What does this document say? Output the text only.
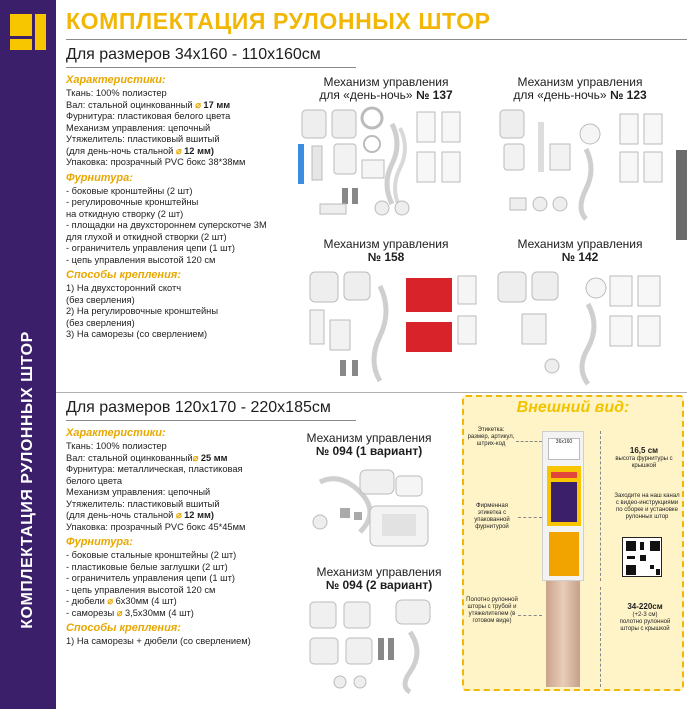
КОМПЛЕКТАЦИЯ РУЛОННЫХ ШТОР
КОМПЛЕКТАЦИЯ РУЛОННЫХ ШТОР
Для размеров 34x160 - 110x160см
Характеристики:
Ткань: 100% полиэстер
Вал: стальной оцинкованный ⌀ 17 мм
Фурнитура: пластиковая белого цвета
Механизм управления: цепочный
Утяжелитель: пластиковый вшитый
(для день-ночь стальной ⌀ 12 мм)
Упаковка: прозрачный PVC бокс 38*38мм
Фурнитура:
- боковые кронштейны (2 шт)
- регулировочные кронштейны
на откидную створку (2 шт)
- площадки на двухстороннем суперскотче 3М
для глухой и откидной створки (2 шт)
- ограничитель управления цепи (1 шт)
- цепь управления высотой 120 см
Способы крепления:
1) На двухсторонний скотч
(без сверления)
2) На регулировочные кронштейны
(без сверления)
3) На саморезы (со сверлением)
Механизм управления
для «день-ночь» № 137
Механизм управления
для «день-ночь» № 123
Механизм управления
№ 158
Механизм управления
№ 142
Для размеров 120x170 - 220x185см
Характеристики:
Ткань: 100% полиэстер
Вал: стальной оцинкованный⌀ 25 мм
Фурнитура: металлическая, пластиковая
белого цвета
Механизм управления: цепочный
Утяжелитель: пластиковый вшитый
(для день-ночь стальной ⌀ 12 мм)
Упаковка: прозрачный PVC бокс 45*45мм
Фурнитура:
- боковые стальные кронштейны (2 шт)
- пластиковые белые заглушки (2 шт)
- ограничитель управления цепи (1 шт)
- цепь управления высотой 120 см
- дюбели ⌀ 6x30мм (4 шт)
- саморезы ⌀ 3,5x30мм (4 шт)
Способы крепления:
1) На саморезы + дюбели (со сверлением)
Механизм управления
№ 094 (1 вариант)
Механизм управления
№ 094 (2 вариант)
Внешний вид:
Этикетка: размер, артикул, штрих-код
Фирменная этикетка с упакованной фурнитурой
Полотно рулонной шторы с трубой и утяжелителем (в готовом виде)
36х160
16,5 см
высота фурнитуры с крышкой
Заходите на наш канал с видео-инструкциями по сборке и установке рулонных штор
34-220см
(+2-3 см)
полотно рулонной шторы с крышкой
